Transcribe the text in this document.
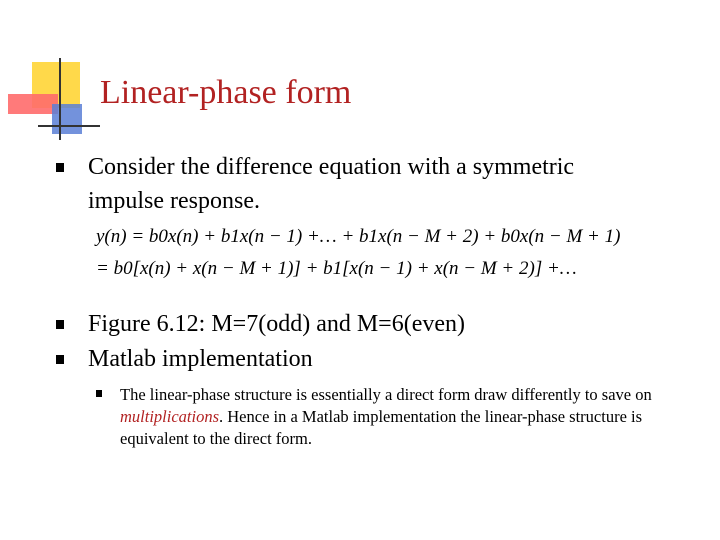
Linear-phase form
Consider the difference equation with a symmetric
impulse response.
y(n) = b0x(n) + b1x(n − 1) +… + b1x(n − M + 2) + b0x(n − M + 1)
= b0[x(n) + x(n − M + 1)] + b1[x(n − 1) + x(n − M + 2)] +…
Figure 6.12: M=7(odd) and M=6(even)
Matlab implementation
The linear-phase structure is essentially a direct form draw differently to save on multiplications. Hence in a Matlab implementation the linear-phase structure is equivalent to the direct form.
